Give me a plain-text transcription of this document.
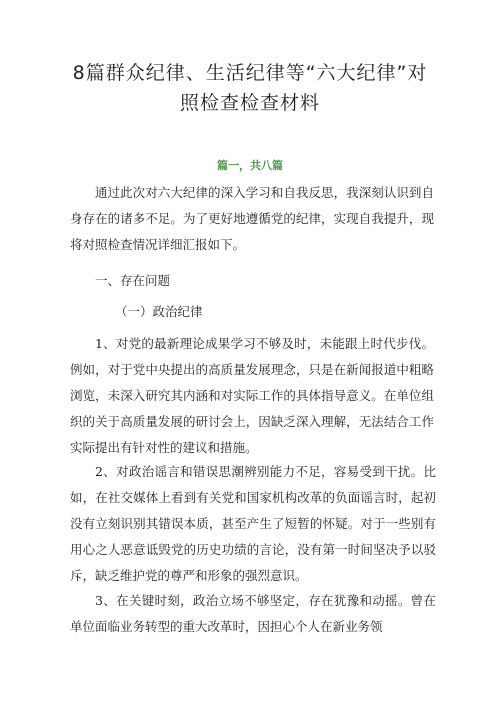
8篇群众纪律、生活纪律等“六大纪律”对
照检查检查材料
篇一，共八篇

通过此次对六大纪律的深入学习和自我反思，我深刻认识到自身存在的诸多不足。为了更好地遵循党的纪律，实现自我提升，现将对照检查情况详细汇报如下。

一、存在问题
（一）政治纪律

1、对党的最新理论成果学习不够及时，未能跟上时代步伐。例如，对于党中央提出的高质量发展理念，只是在新闻报道中粗略浏览，未深入研究其内涵和对实际工作的具体指导意义。在单位组织的关于高质量发展的研讨会上，因缺乏深入理解，无法结合工作实际提出有针对性的建议和措施。

2、对政治谣言和错误思潮辨别能力不足，容易受到干扰。比如，在社交媒体上看到有关党和国家机构改革的负面谣言时，起初没有立刻识别其错误本质，甚至产生了短暂的怀疑。对于一些别有用心之人恶意诋毁党的历史功绩的言论，没有第一时间坚决予以驳斥，缺乏维护党的尊严和形象的强烈意识。

3、在关键时刻，政治立场不够坚定，存在犹豫和动摇。曾在单位面临业务转型的重大改革时，因担心个人在新业务领
